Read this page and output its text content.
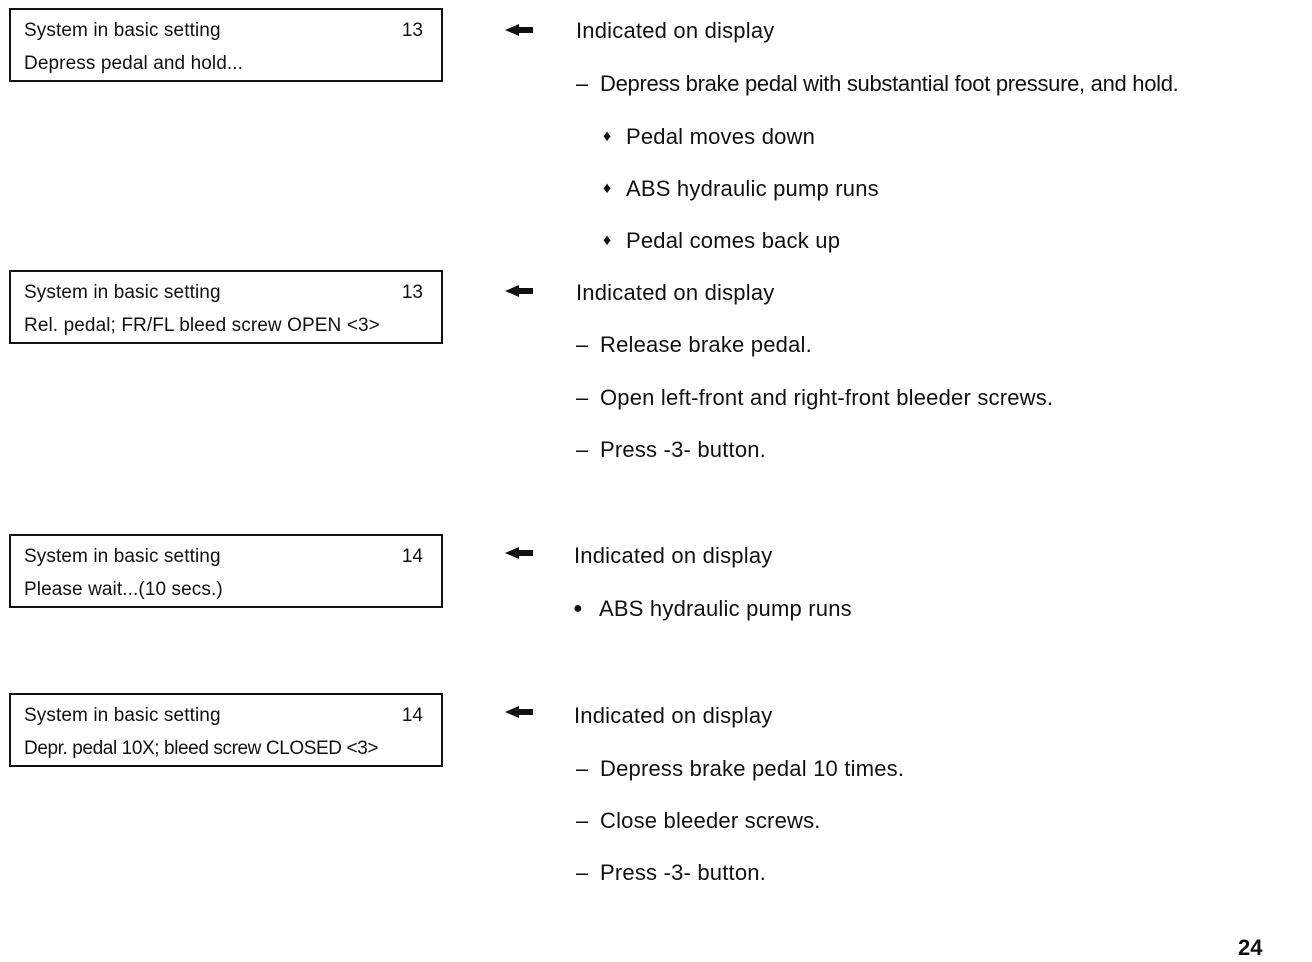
System in basic setting	13
Depress pedal and hold...
Indicated on display
– Depress brake pedal with substantial foot pressure, and hold.
♦ Pedal moves down
♦ ABS hydraulic pump runs
♦ Pedal comes back up
System in basic setting	13
Rel. pedal; FR/FL bleed screw OPEN <3>
Indicated on display
– Release brake pedal.
– Open left-front and right-front bleeder screws.
– Press -3- button.
System in basic setting	14
Please wait...(10 secs.)
Indicated on display
● ABS hydraulic pump runs
System in basic setting	14
Depr. pedal 10X; bleed screw CLOSED <3>
Indicated on display
– Depress brake pedal 10 times.
– Close bleeder screws.
– Press -3- button.
24
